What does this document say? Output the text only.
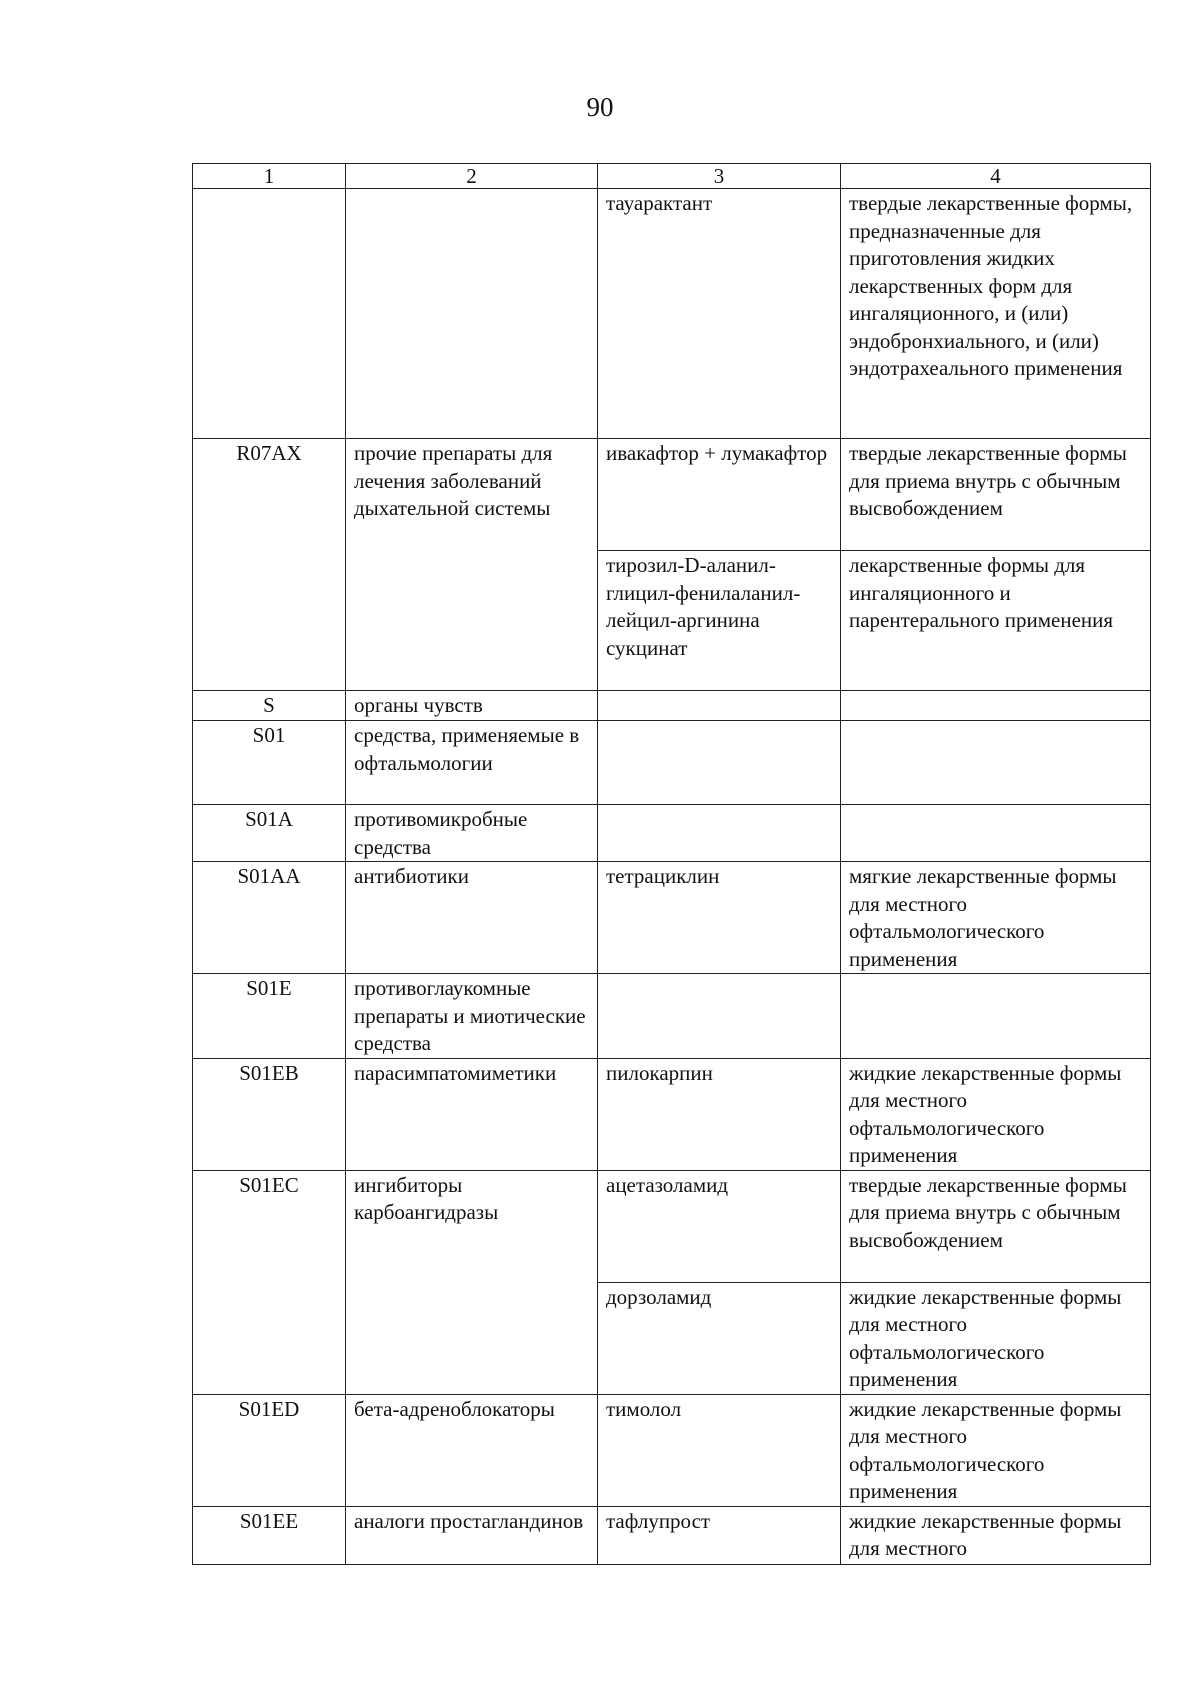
90
1	2	3	4
		тауарактант	твердые лекарственные формы, предназначенные для приготовления жидких лекарственных форм для ингаляционного, и (или) эндобронхиального, и (или) эндотрахеального применения
R07AX	прочие препараты для лечения заболеваний дыхательной системы	ивакафтор + лумакафтор	твердые лекарственные формы для приема внутрь с обычным высвобождением
		тирозил-D-аланил-глицил-фенилаланил-лейцил-аргинина сукцинат	лекарственные формы для ингаляционного и парентерального применения
S	органы чувств		
S01	средства, применяемые в офтальмологии		
S01A	противомикробные средства		
S01AA	антибиотики	тетрациклин	мягкие лекарственные формы для местного офтальмологического применения
S01E	противоглаукомные препараты и миотические средства		
S01EB	парасимпатомиметики	пилокарпин	жидкие лекарственные формы для местного офтальмологического применения
S01EC	ингибиторы карбоангидразы	ацетазоламид	твердые лекарственные формы для приема внутрь с обычным высвобождением
		дорзоламид	жидкие лекарственные формы для местного офтальмологического применения
S01ED	бета-адреноблокаторы	тимолол	жидкие лекарственные формы для местного офтальмологического применения
S01EE	аналоги простагландинов	тафлупрост	жидкие лекарственные формы для местного
